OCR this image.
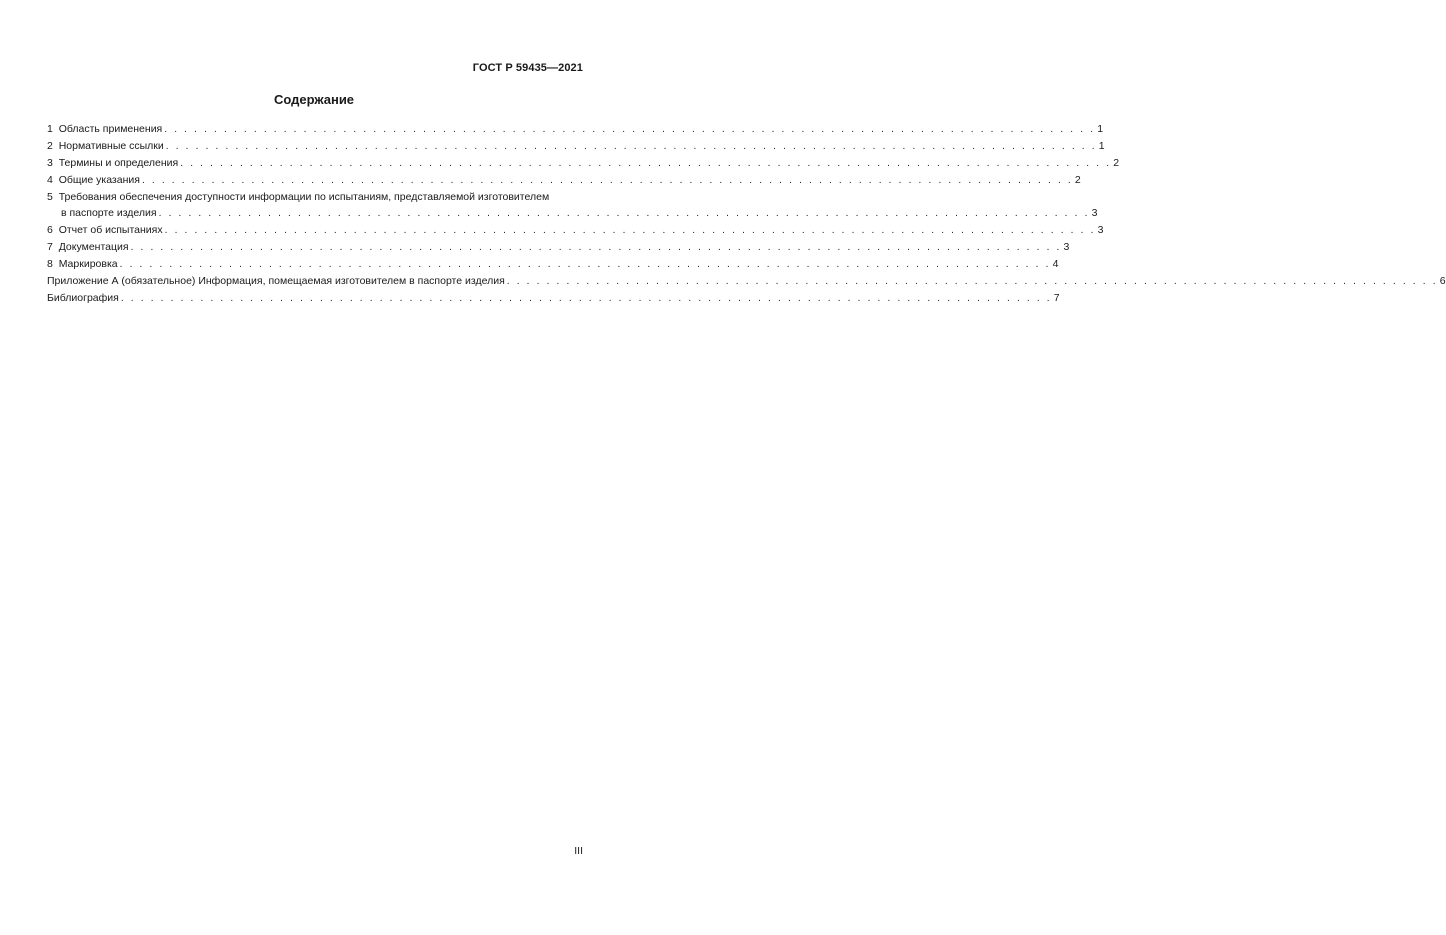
ГОСТ Р 59435—2021
Содержание
1
Область применения . . . . . . . . . . . . . . . . . . . . . . . . . . . . . . . . . . . . . . . . . . . . . . . . . . . . . . . . . . . . . . . . . . . . . . . . . . . . . . . . . . . . . . . . . . . . . . 1
2
Нормативные ссылки . . . . . . . . . . . . . . . . . . . . . . . . . . . . . . . . . . . . . . . . . . . . . . . . . . . . . . . . . . . . . . . . . . . . . . . . . . . . . . . . . . . . . . . . . . . . . . 1
3
Термины и определения . . . . . . . . . . . . . . . . . . . . . . . . . . . . . . . . . . . . . . . . . . . . . . . . . . . . . . . . . . . . . . . . . . . . . . . . . . . . . . . . . . . . . . . . . . . . . . 2
4
Общие указания . . . . . . . . . . . . . . . . . . . . . . . . . . . . . . . . . . . . . . . . . . . . . . . . . . . . . . . . . . . . . . . . . . . . . . . . . . . . . . . . . . . . . . . . . . . . . . 2
5
Требования обеспечения доступности информации по испытаниям, представляемой изготовителем
в паспорте изделия . . . . . . . . . . . . . . . . . . . . . . . . . . . . . . . . . . . . . . . . . . . . . . . . . . . . . . . . . . . . . . . . . . . . . . . . . . . . . . . . . . . . . . . . . . . . . . 3
6
Отчет об испытаниях . . . . . . . . . . . . . . . . . . . . . . . . . . . . . . . . . . . . . . . . . . . . . . . . . . . . . . . . . . . . . . . . . . . . . . . . . . . . . . . . . . . . . . . . . . . . . . 3
7
Документация . . . . . . . . . . . . . . . . . . . . . . . . . . . . . . . . . . . . . . . . . . . . . . . . . . . . . . . . . . . . . . . . . . . . . . . . . . . . . . . . . . . . . . . . . . . . . . 3
8
Маркировка . . . . . . . . . . . . . . . . . . . . . . . . . . . . . . . . . . . . . . . . . . . . . . . . . . . . . . . . . . . . . . . . . . . . . . . . . . . . . . . . . . . . . . . . . . . . . . 4
Приложение А (обязательное) Информация, помещаемая изготовителем в паспорте изделия . . . . . . . . . . . . . . . . . . . . . . . . . . . . . . . . . . . . . . . . . . . . . . . . . . . . . . . . . . . . . . . . . . . . . . . . . . . . . . . . . . . . . . . . . . . . . . 6
Библиография . . . . . . . . . . . . . . . . . . . . . . . . . . . . . . . . . . . . . . . . . . . . . . . . . . . . . . . . . . . . . . . . . . . . . . . . . . . . . . . . . . . . . . . . . . . . . . 7
III
